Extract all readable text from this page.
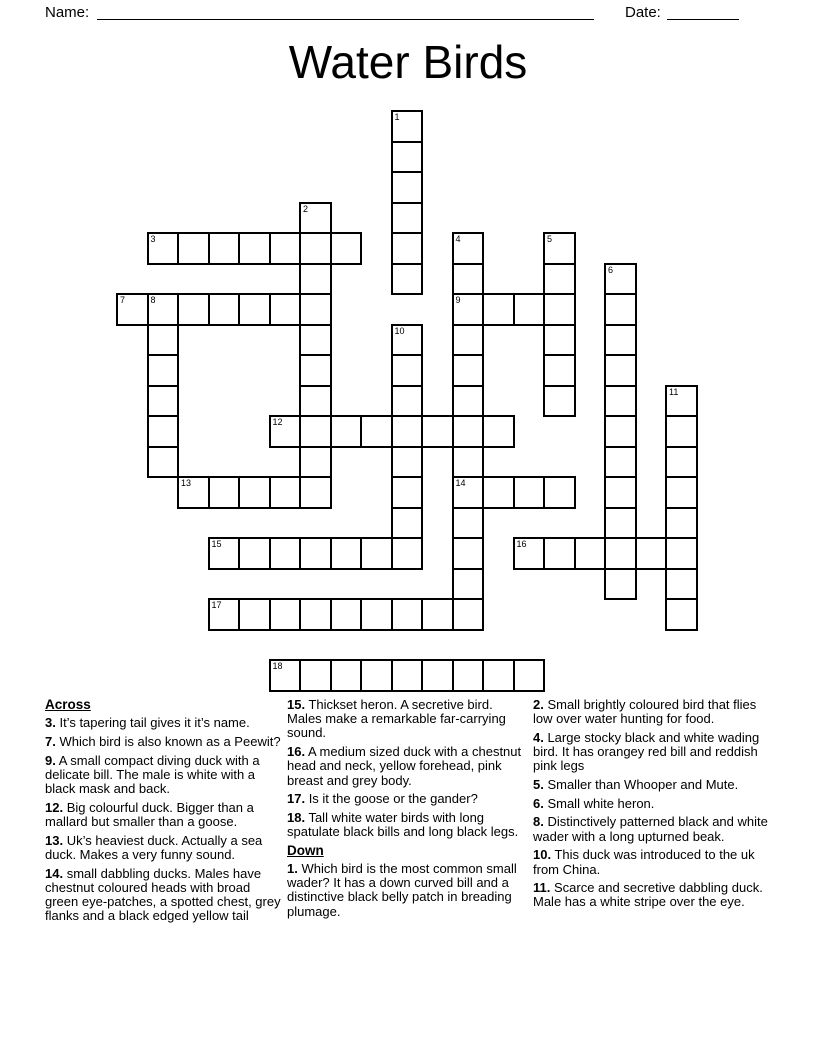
Name:	Date:
Water Birds
1
2
3	4	5
6
7	8	9
10
11
12
13	14
15	16
17
18
Across

3. It’s tapering tail gives it it’s name.

7. Which bird is also known as a Peewit?

9. A small compact diving duck with a delicate bill. The male is white with a black mask and back.

12. Big colourful duck. Bigger than a mallard but smaller than a goose.

13. Uk’s heaviest duck. Actually a sea duck. Makes a very funny sound.

14. small dabbling ducks. Males have chestnut coloured heads with broad green eye-patches, a spotted chest, grey flanks and a black edged yellow tail

15. Thickset heron. A secretive bird. Males make a remarkable far-carrying sound.

16. A medium sized duck with a chestnut head and neck, yellow forehead, pink breast and grey body.

17. Is it the goose or the gander?

18. Tall white water birds with long spatulate black bills and long black legs.

Down

1. Which bird is the most common small wader? It has a down curved bill and a distinctive black belly patch in breading plumage.

2. Small brightly coloured bird that flies low over water hunting for food.

4. Large stocky black and white wading bird. It has orangey red bill and reddish pink legs

5. Smaller than Whooper and Mute.

6. Small white heron.

8. Distinctively patterned black and white wader with a long upturned beak.

10. This duck was introduced to the uk from China.

11. Scarce and secretive dabbling duck. Male has a white stripe over the eye.
